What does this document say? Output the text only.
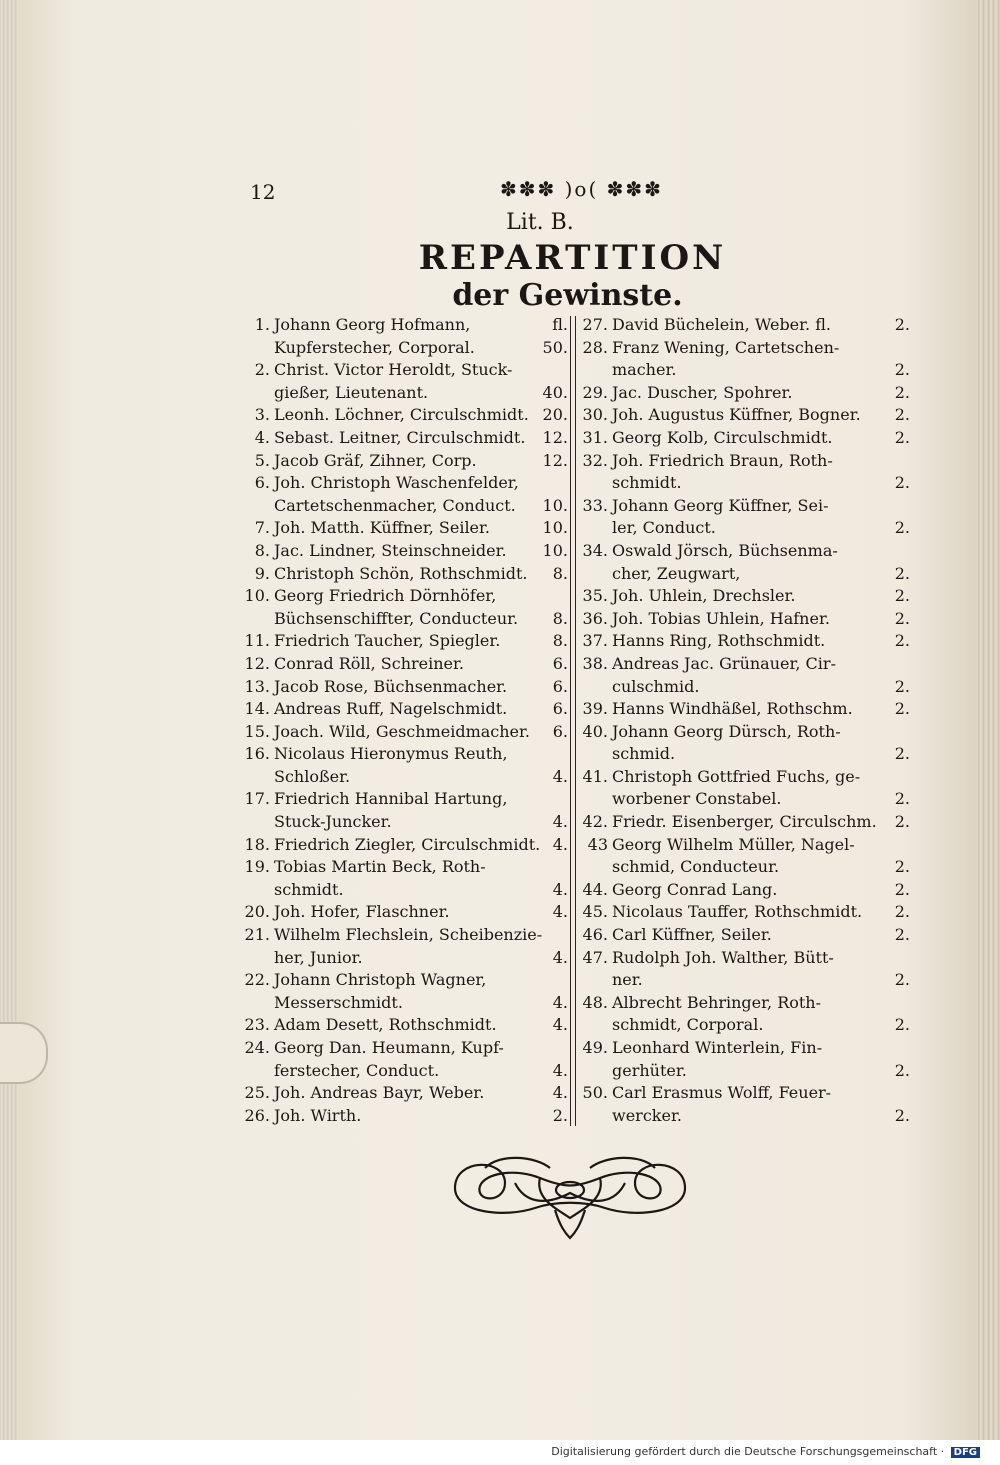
12	✽✽✽ )o( ✽✽✽
Lit. B.
REPARTITION
der Gewinste.
1. Johann Georg Hofmann,	fl.
Kupferstecher, Corporal.	50.
2. Christ. Victor Heroldt, Stuck-
gießer, Lieutenant.	40.
3. Leonh. Löchner, Circulschmidt. 20.
4. Sebast. Leitner, Circulschmidt. 12.
5. Jacob Gräf, Zihner, Corp.	12.
6. Joh. Christoph Waschenfelder,
Cartetschenmacher, Conduct. 10.
7. Joh. Matth. Küffner, Seiler.	10.
8. Jac. Lindner, Steinschneider. 10.
9. Christoph Schön, Rothschmidt. 8.
10. Georg Friedrich Dörnhöfer,
Büchsenschiffter, Conducteur. 8.
11. Friedrich Taucher, Spiegler.	8.
12. Conrad Röll, Schreiner.	6.
13. Jacob Rose, Büchsenmacher.	6.
14. Andreas Ruff, Nagelschmidt.	6.
15. Joach. Wild, Geschmeidmacher. 6.
16. Nicolaus Hieronymus Reuth,
Schloßer.	4.
17. Friedrich Hannibal Hartung,
Stuck-Juncker.	4.
18. Friedrich Ziegler, Circulschmidt. 4.
19. Tobias Martin Beck, Roth-
schmidt.	4.
20. Joh. Hofer, Flaschner.	4.
21. Wilhelm Flechslein, Scheibenzie-
her, Junior.	4.
22. Johann Christoph Wagner,
Messerschmidt.	4.
23. Adam Desett, Rothschmidt.	4.
24. Georg Dan. Heumann, Kupf-
ferstecher, Conduct.	4.
25. Joh. Andreas Bayr, Weber.	4.
26. Joh. Wirth.	2.
27. David Büchelein, Weber. fl.	2.
28. Franz Wening, Cartetschen-
macher.	2.
29. Jac. Duscher, Spohrer.	2.
30. Joh. Augustus Küffner, Bogner. 2.
31. Georg Kolb, Circulschmidt.	2.
32. Joh. Friedrich Braun, Roth-
schmidt.	2.
33. Johann Georg Küffner, Sei-
ler, Conduct.	2.
34. Oswald Jörsch, Büchsenma-
cher, Zeugwart,	2.
35. Joh. Uhlein, Drechsler.	2.
36. Joh. Tobias Uhlein, Hafner.	2.
37. Hanns Ring, Rothschmidt.	2.
38. Andreas Jac. Grünauer, Cir-
culschmid.	2.
39. Hanns Windhäßel, Rothschm.	2.
40. Johann Georg Dürsch, Roth-
schmid.	2.
41. Christoph Gottfried Fuchs, ge-
worbener Constabel.	2.
42. Friedr. Eisenberger, Circulschm. 2.
43 Georg Wilhelm Müller, Nagel-
schmid, Conducteur.	2.
44. Georg Conrad Lang.	2.
45. Nicolaus Tauffer, Rothschmidt. 2.
46. Carl Küffner, Seiler.	2.
47. Rudolph Joh. Walther, Bütt-
ner.	2.
48. Albrecht Behringer, Roth-
schmidt, Corporal.	2.
49. Leonhard Winterlein, Fin-
gerhüter.	2.
50. Carl Erasmus Wolff, Feuer-
wercker.	2.
Digitalisierung gefördert durch die Deutsche Forschungsgemeinschaft · DFG
